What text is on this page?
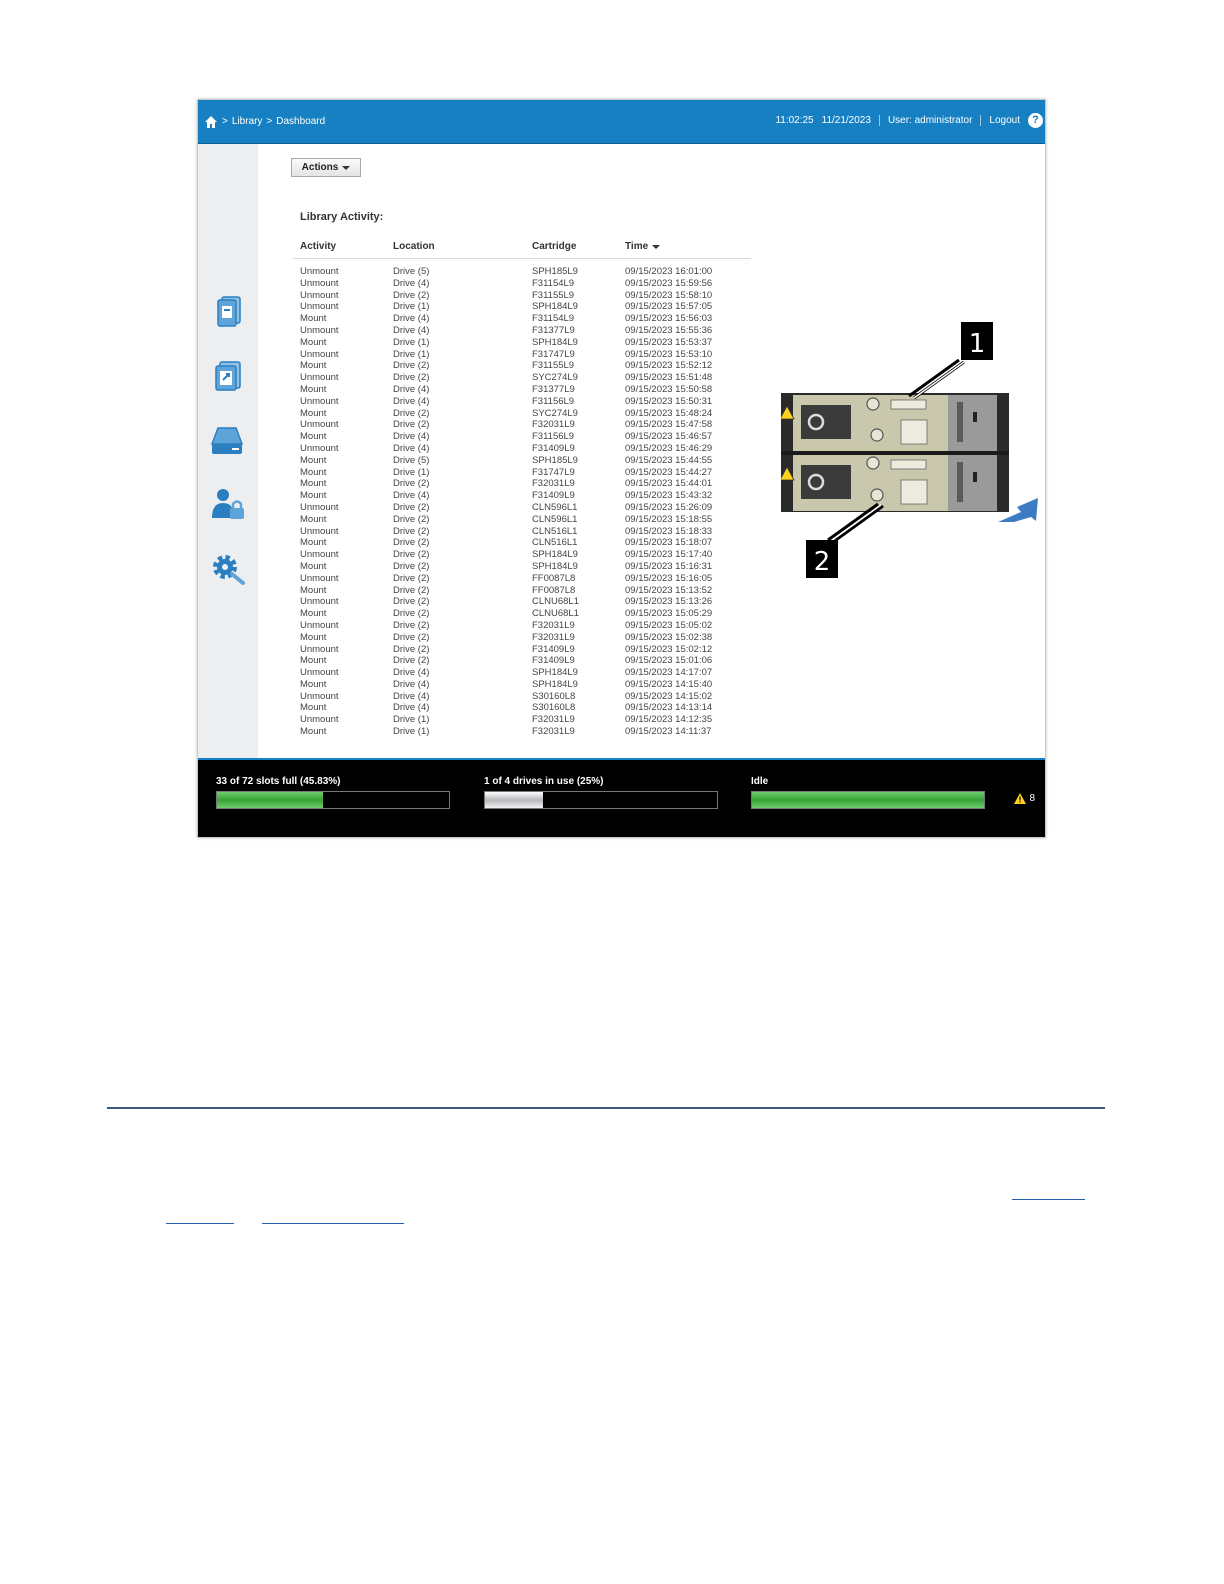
> Library > Dashboard	11:02:25 11/21/2023 User: administrator Logout	?
Actions
Library Activity:
Activity	Location	Cartridge	Time
Unmount	Drive (5)	SPH185L9	09/15/2023 16:01:00
Unmount	Drive (4)	F31154L9	09/15/2023 15:59:56
Unmount	Drive (2)	F31155L9	09/15/2023 15:58:10
Unmount	Drive (1)	SPH184L9	09/15/2023 15:57:05
Mount	Drive (4)	F31154L9	09/15/2023 15:56:03
Unmount	Drive (4)	F31377L9	09/15/2023 15:55:36
Mount	Drive (1)	SPH184L9	09/15/2023 15:53:37
Unmount	Drive (1)	F31747L9	09/15/2023 15:53:10
Mount	Drive (2)	F31155L9	09/15/2023 15:52:12
Unmount	Drive (2)	SYC274L9	09/15/2023 15:51:48
Mount	Drive (4)	F31377L9	09/15/2023 15:50:58
Unmount	Drive (4)	F31156L9	09/15/2023 15:50:31
Mount	Drive (2)	SYC274L9	09/15/2023 15:48:24
Unmount	Drive (2)	F32031L9	09/15/2023 15:47:58
Mount	Drive (4)	F31156L9	09/15/2023 15:46:57
Unmount	Drive (4)	F31409L9	09/15/2023 15:46:29
Mount	Drive (5)	SPH185L9	09/15/2023 15:44:55
Mount	Drive (1)	F31747L9	09/15/2023 15:44:27
Mount	Drive (2)	F32031L9	09/15/2023 15:44:01
Mount	Drive (4)	F31409L9	09/15/2023 15:43:32
Unmount	Drive (2)	CLN596L1	09/15/2023 15:26:09
Mount	Drive (2)	CLN596L1	09/15/2023 15:18:55
Unmount	Drive (2)	CLN516L1	09/15/2023 15:18:33
Mount	Drive (2)	CLN516L1	09/15/2023 15:18:07
Unmount	Drive (2)	SPH184L9	09/15/2023 15:17:40
Mount	Drive (2)	SPH184L9	09/15/2023 15:16:31
Unmount	Drive (2)	FF0087L8	09/15/2023 15:16:05
Mount	Drive (2)	FF0087L8	09/15/2023 15:13:52
Unmount	Drive (2)	CLNU68L1	09/15/2023 15:13:26
Mount	Drive (2)	CLNU68L1	09/15/2023 15:05:29
Unmount	Drive (2)	F32031L9	09/15/2023 15:05:02
Mount	Drive (2)	F32031L9	09/15/2023 15:02:38
Unmount	Drive (2)	F31409L9	09/15/2023 15:02:12
Mount	Drive (2)	F31409L9	09/15/2023 15:01:06
Unmount	Drive (4)	SPH184L9	09/15/2023 14:17:07
Mount	Drive (4)	SPH184L9	09/15/2023 14:15:40
Unmount	Drive (4)	S30160L8	09/15/2023 14:15:02
Mount	Drive (4)	S30160L8	09/15/2023 14:13:14
Unmount	Drive (1)	F32031L9	09/15/2023 14:12:35
Mount	Drive (1)	F32031L9	09/15/2023 14:11:37
1
2
33 of 72 slots full (45.83%)	1 of 4 drives in use (25%)	Idle
8
